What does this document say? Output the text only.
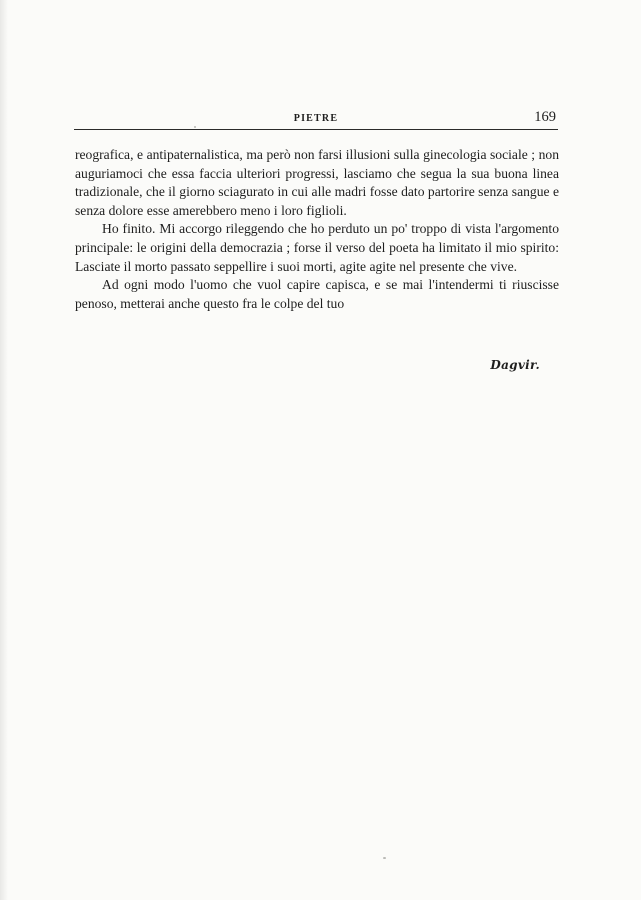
PIETRE	169

reografica, e antipaternalistica, ma però non farsi illusioni sulla ginecologia sociale ; non auguriamoci che essa faccia ulteriori progressi, lasciamo che segua la sua buona linea tradizionale, che il giorno sciagurato in cui alle madri fosse dato partorire senza sangue e senza dolore esse amerebbero meno i loro figlioli.

Ho finito. Mi accorgo rileggendo che ho perduto un po' troppo di vista l'argomento principale: le origini della democrazia ; forse il verso del poeta ha limitato il mio spirito: Lasciate il morto passato seppellire i suoi morti, agite agite nel presente che vive.

Ad ogni modo l'uomo che vuol capire capisca, e se mai l'intendermi ti riuscisse penoso, metterai anche questo fra le colpe del tuo

Dagvir.
